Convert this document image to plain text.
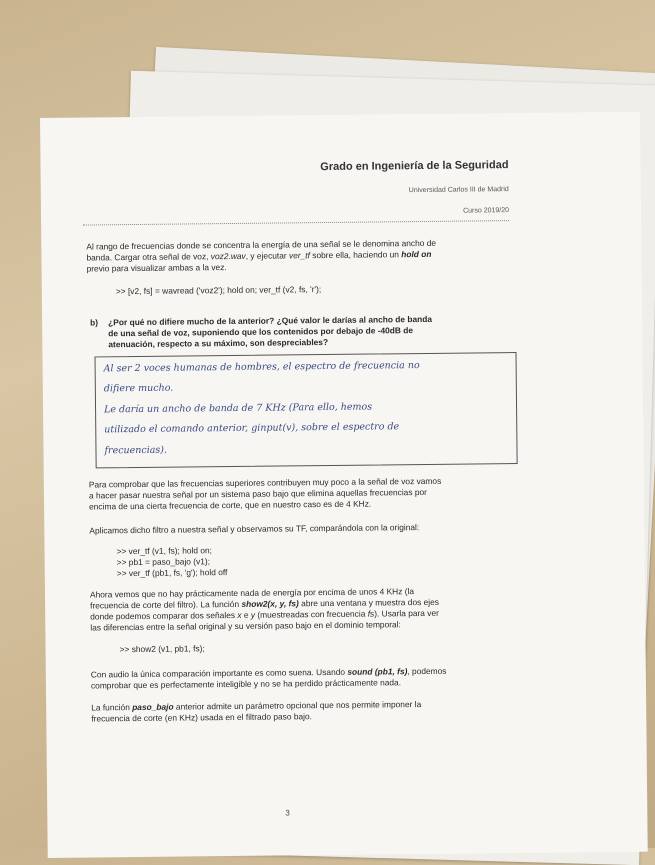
Grado en Ingeniería de la Seguridad
Universidad Carlos III de Madrid
Curso 2019/20
Al rango de frecuencias donde se concentra la energía de una señal se le denomina ancho de
banda. Cargar otra señal de voz, voz2.wav, y ejecutar ver_tf sobre ella, haciendo un hold on
previo para visualizar ambas a la vez.
>> [v2, fs] = wavread ('voz2'); hold on; ver_tf (v2, fs, 'r');
b)	¿Por qué no difiere mucho de la anterior? ¿Qué valor le darías al ancho de banda
de una señal de voz, suponiendo que los contenidos por debajo de -40dB de
atenuación, respecto a su máximo, son despreciables?
Al ser 2 voces humanas de hombres, el espectro de frecuencia no
difiere mucho.
Le daría un ancho de banda de 7 KHz (Para ello, hemos
utilizado el comando anterior, ginput(v), sobre el espectro de
frecuencias).
Para comprobar que las frecuencias superiores contribuyen muy poco a la señal de voz vamos
a hacer pasar nuestra señal por un sistema paso bajo que elimina aquellas frecuencias por
encima de una cierta frecuencia de corte, que en nuestro caso es de 4 KHz.
Aplicamos dicho filtro a nuestra señal y observamos su TF, comparándola con la original:
>> ver_tf (v1, fs); hold on;
>> pb1 = paso_bajo (v1);
>> ver_tf (pb1, fs, 'g'); hold off
Ahora vemos que no hay prácticamente nada de energía por encima de unos 4 KHz (la
frecuencia de corte del filtro). La función show2(x, y, fs) abre una ventana y muestra dos ejes
donde podemos comparar dos señales x e y (muestreadas con frecuencia fs). Usarla para ver
las diferencias entre la señal original y su versión paso bajo en el dominio temporal:
>> show2 (v1, pb1, fs);
Con audio la única comparación importante es como suena. Usando sound (pb1, fs), podemos
comprobar que es perfectamente inteligible y no se ha perdido prácticamente nada.
La función paso_bajo anterior admite un parámetro opcional que nos permite imponer la
frecuencia de corte (en KHz) usada en el filtrado paso bajo.
3
